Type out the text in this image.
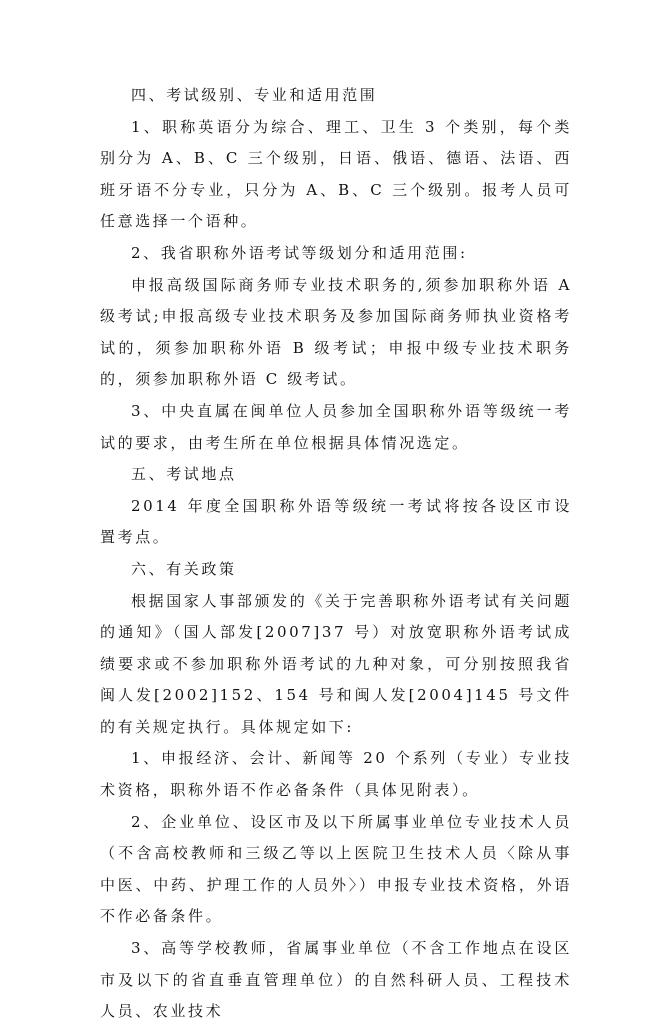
四、考试级别、专业和适用范围

1、职称英语分为综合、理工、卫生 3 个类别，每个类别分为 A、B、C 三个级别，日语、俄语、德语、法语、西班牙语不分专业，只分为 A、B、C 三个级别。报考人员可任意选择一个语种。

2、我省职称外语考试等级划分和适用范围:

申报高级国际商务师专业技术职务的,须参加职称外语 A 级考试;申报高级专业技术职务及参加国际商务师执业资格考试的，须参加职称外语 B 级考试；申报中级专业技术职务的，须参加职称外语 C 级考试。

3、中央直属在闽单位人员参加全国职称外语等级统一考试的要求，由考生所在单位根据具体情况选定。

五、考试地点

2014 年度全国职称外语等级统一考试将按各设区市设置考点。

六、有关政策

根据国家人事部颁发的《关于完善职称外语考试有关问题的通知》（国人部发[2007]37 号）对放宽职称外语考试成绩要求或不参加职称外语考试的九种对象，可分别按照我省闽人发[2002]152、154 号和闽人发[2004]145 号文件的有关规定执行。具体规定如下:

1、申报经济、会计、新闻等 20 个系列（专业）专业技术资格，职称外语不作必备条件（具体见附表）。

2、企业单位、设区市及以下所属事业单位专业技术人员（不含高校教师和三级乙等以上医院卫生技术人员〈除从事中医、中药、护理工作的人员外〉）申报专业技术资格，外语不作必备条件。

3、高等学校教师，省属事业单位（不含工作地点在设区市及以下的省直垂直管理单位）的自然科研人员、工程技术人员、农业技术
